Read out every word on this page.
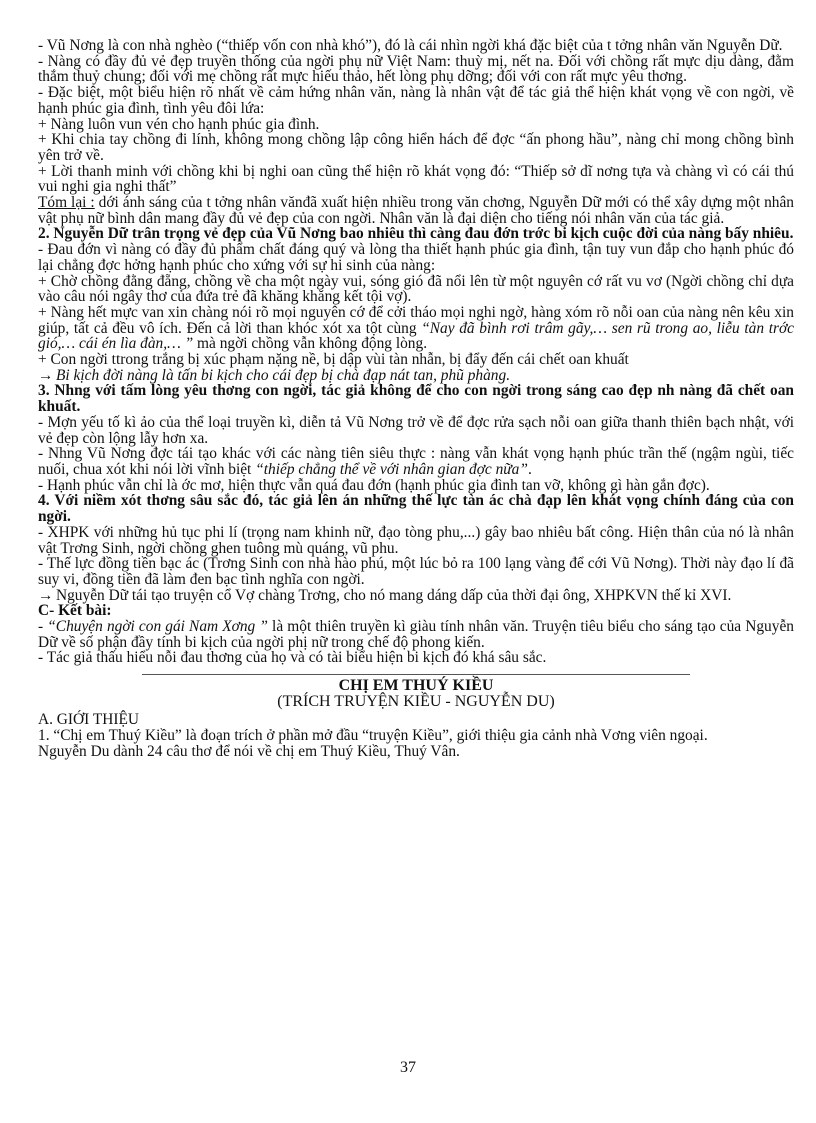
- Vũ Nơng là con nhà nghèo (“thiếp vốn con nhà khó”), đó là cái nhìn ngời khá đặc biệt của t tởng nhân văn Nguyễn Dữ.

- Nàng có đầy đủ vẻ đẹp truyền thống của ngời phụ nữ Việt Nam: thuỳ mị, nết na. Đối với chồng rất mực dịu dàng, đằm thắm thuỷ chung; đối với mẹ chồng rất mực hiếu thảo, hết lòng phụ dỡng; đối với con rất mực yêu thơng.

- Đặc biệt, một biểu hiện rõ nhất về cảm hứng nhân văn, nàng là nhân vật để tác giả thể hiện khát vọng về con ngời, về hạnh phúc gia đình, tình yêu đôi lứa:

+ Nàng luôn vun vén cho hạnh phúc gia đình.

+ Khi chia tay chồng đi lính, không mong chồng lập công hiển hách để đợc “ấn phong hầu”, nàng chỉ mong chồng bình yên trở về.

+ Lời thanh minh với chồng khi bị nghi oan cũng thể hiện rõ khát vọng đó: “Thiếp sở dĩ nơng tựa và chàng vì có cái thú vui nghi gia nghi thất”

Tóm lại : dới ánh sáng của t tởng nhân vănđã xuất hiện nhiều trong văn chơng, Nguyễn Dữ mới có thể xây dựng một nhân vật phụ nữ bình dân mang đầy đủ vẻ đẹp của con ngời. Nhân văn là đại diện cho tiếng nói nhân văn của tác giả.

2. Nguyễn Dữ trân trọng vẻ đẹp của Vũ Nơng bao nhiêu thì càng đau đớn trớc bi kịch cuộc đời của nàng bấy nhiêu.

- Đau đớn vì nàng có đầy đủ phẩm chất đáng quý và lòng tha thiết hạnh phúc gia đình, tận tuy vun đắp cho hạnh phúc đó lại chẳng đợc hởng hạnh phúc cho xứng với sự hi sinh của nàng:

+ Chờ chồng đằng đẵng, chồng về cha một ngày vui, sóng gió đã nổi lên từ một nguyên cớ rất vu vơ (Ngời chồng chỉ dựa vào câu nói ngây thơ của đứa trẻ đã khăng khăng kết tội vợ).

+ Nàng hết mực van xin chàng nói rõ mọi nguyên cớ để cởi tháo mọi nghi ngờ, hàng xóm rõ nỗi oan của nàng nên kêu xin giúp, tất cả đều vô ích. Đến cả lời than khóc xót xa tột cùng “Nay đã bình rơi trâm gãy,… sen rũ trong ao, liễu tàn trớc gió,… cái én lìa đàn,… ” mà ngời chồng vẫn không động lòng.

+ Con ngời ttrong trắng bị xúc phạm nặng nề, bị dập vùi tàn nhẫn, bị đẩy đến cái chết oan khuất

→ Bi kịch đời nàng là tấn bi kịch cho cái đẹp bị chà đạp nát tan, phũ phàng.

3. Nhng với tấm lòng yêu thơng con ngời, tác giả không để cho con ngời trong sáng cao đẹp nh nàng đã chết oan khuất.

- Mợn yếu tố kì ảo của thể loại truyền kì, diễn tả Vũ Nơng trở về để đợc rửa sạch nỗi oan giữa thanh thiên bạch nhật, với vẻ đẹp còn lộng lẫy hơn xa.

- Nhng Vũ Nơng đợc tái tạo khác với các nàng tiên siêu thực : nàng vẫn khát vọng hạnh phúc trần thế (ngậm ngùi, tiếc nuối, chua xót khi nói lời vĩnh biệt “thiếp chẳng thể về với nhân gian đợc nữa”.

- Hạnh phúc vẫn chỉ là ớc mơ, hiện thực vẫn quá đau đớn (hạnh phúc gia đình tan vỡ, không gì hàn gắn đợc).

4. Với niềm xót thơng sâu sắc đó, tác giả lên án những thế lực tàn ác chà đạp lên khát vọng chính đáng của con ngời.

- XHPK với những hủ tục phi lí (trọng nam khinh nữ, đạo tòng phu,...) gây bao nhiêu bất công. Hiện thân của nó là nhân vật Trơng Sinh, ngời chồng ghen tuông mù quáng, vũ phu.

- Thế lực đồng tiền bạc ác (Trơng Sinh con nhà hào phú, một lúc bỏ ra 100 lạng vàng để cới Vũ Nơng). Thời này đạo lí đã suy vi, đồng tiền đã làm đen bạc tình nghĩa con ngời.

→ Nguyễn Dữ tái tạo truyện cổ Vợ chàng Trơng, cho nó mang dáng dấp của thời đại ông, XHPKVN thế kỉ XVI.

C- Kết bài:

- “Chuyện ngời con gái Nam Xơng ” là một thiên truyền kì giàu tính nhân văn. Truyện tiêu biểu cho sáng tạo của Nguyễn Dữ về số phận đầy tính bi kịch của ngời phị nữ trong chế độ phong kiến.

- Tác giả thấu hiểu nỗi đau thơng của họ và có tài biểu hiện bi kịch đó khá sâu sắc.

CHỊ EM THUÝ KIỀU

(TRÍCH TRUYỆN KIỀU - NGUYỄN DU)

A. GIỚI THIỆU

1. “Chị em Thuý Kiều” là đoạn trích ở phần mở đầu “truyện Kiều”, giới thiệu gia cảnh nhà Vơng viên ngoại.

Nguyễn Du dành 24 câu thơ để nói về chị em Thuý Kiều, Thuý Vân.

37
